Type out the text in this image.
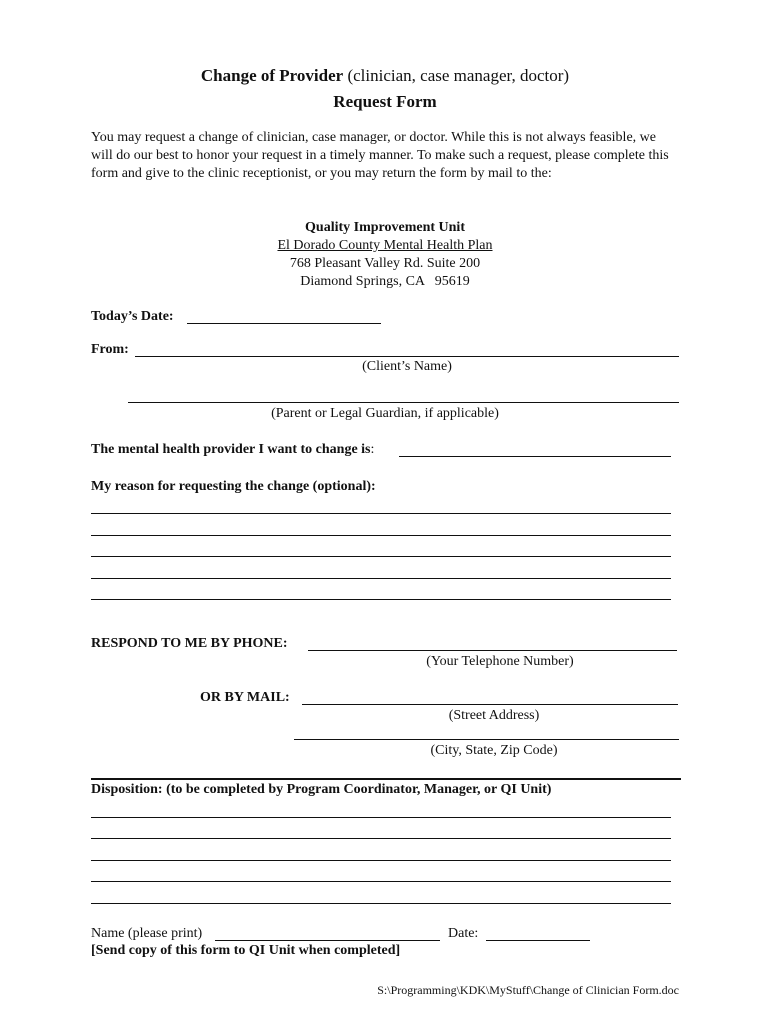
Change of Provider (clinician, case manager, doctor)
Request Form
You may request a change of clinician, case manager, or doctor. While this is not always feasible, we will do our best to honor your request in a timely manner. To make such a request, please complete this form and give to the clinic receptionist, or you may return the form by mail to the:
Quality Improvement Unit
El Dorado County Mental Health Plan
768 Pleasant Valley Rd. Suite 200
Diamond Springs, CA   95619
Today’s Date:
From:
(Client’s Name)
(Parent or Legal Guardian, if applicable)
The mental health provider I want to change is:
My reason for requesting the change (optional):
RESPOND TO ME BY PHONE:
(Your Telephone Number)
OR BY MAIL:
(Street Address)
(City, State, Zip Code)
Disposition: (to be completed by Program Coordinator, Manager, or QI Unit)
Name (please print)	Date:
[Send copy of this form to QI Unit when completed]
S:\Programming\KDK\MyStuff\Change of Clinician Form.doc
